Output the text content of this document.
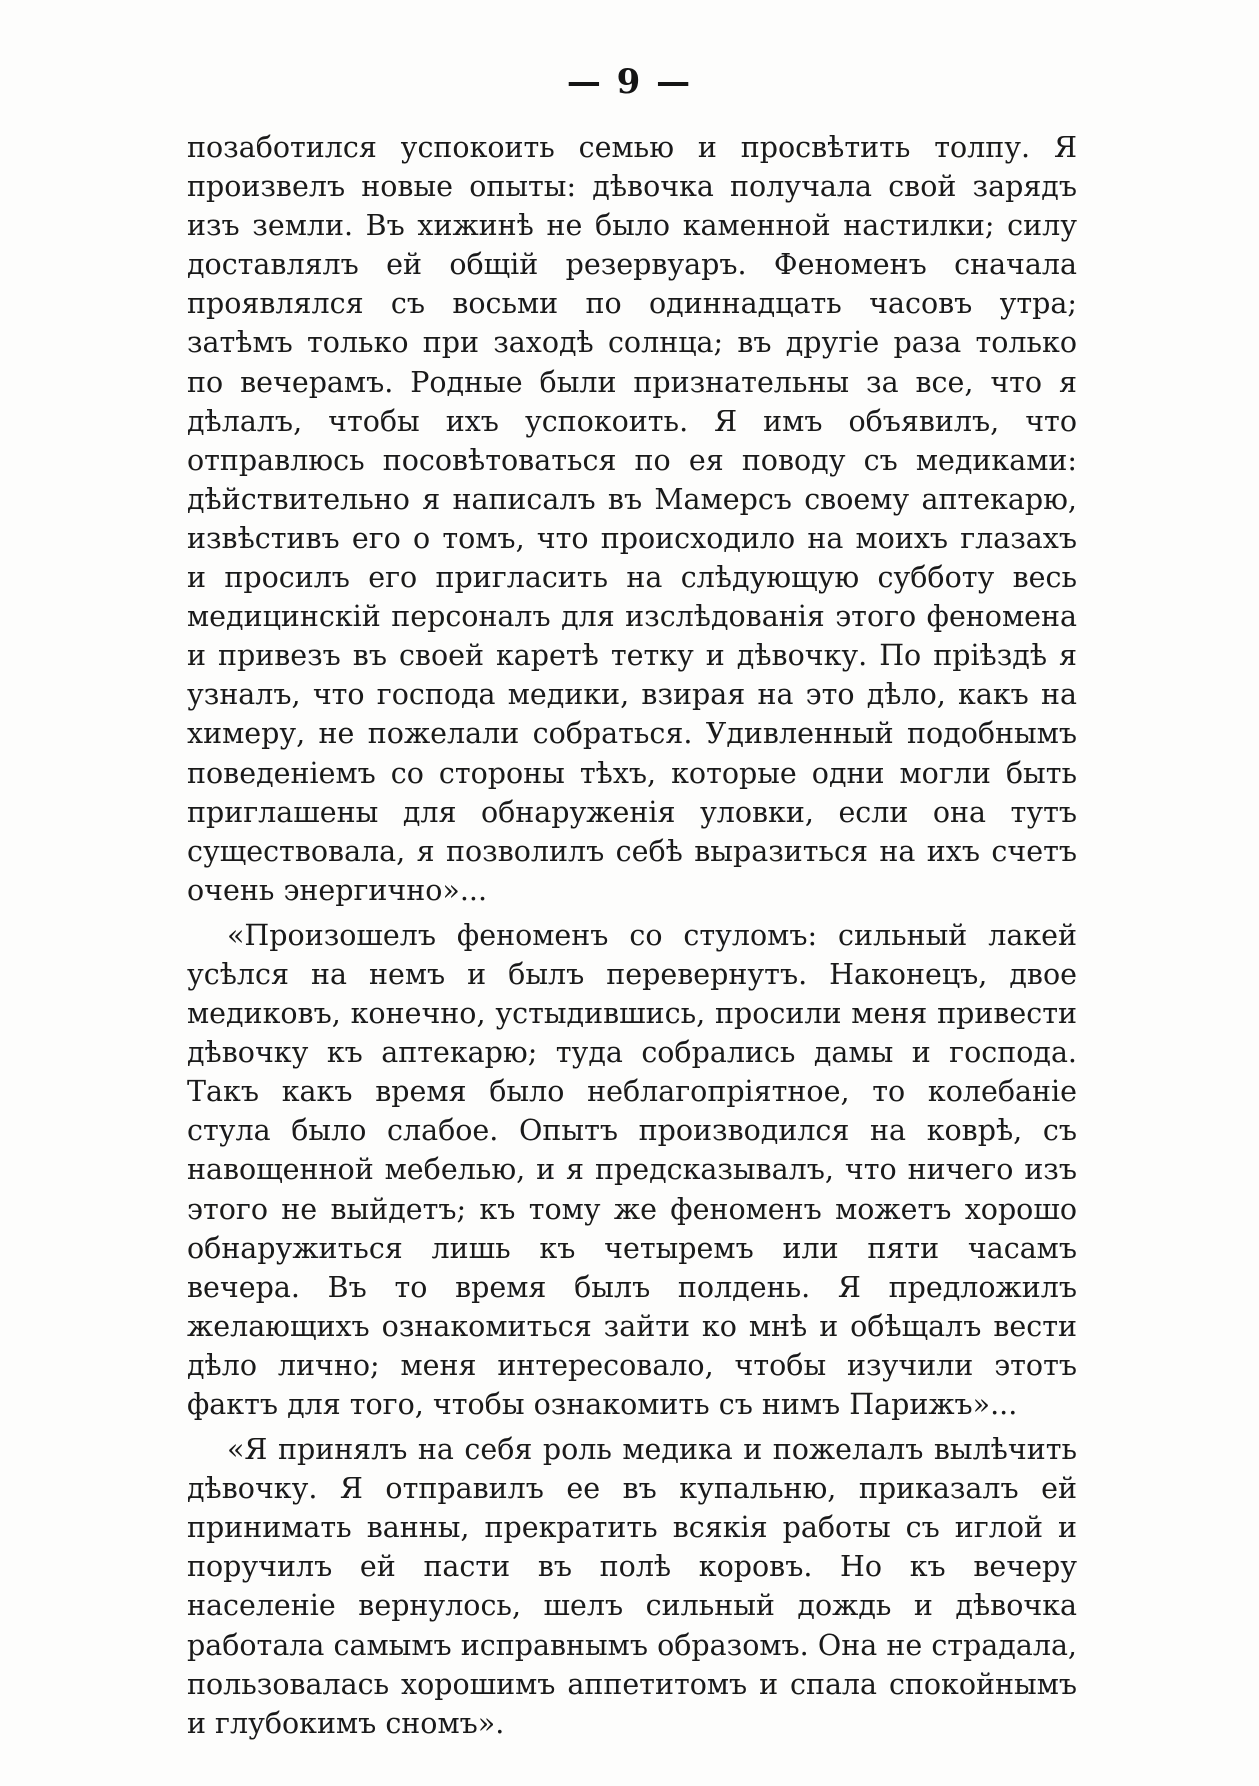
— 9 —

позаботился успокоить семью и просвѣтить толпу. Я произвелъ новые опыты: дѣвочка получала свой зарядъ изъ земли. Въ хижинѣ не было каменной настилки; силу доставлялъ ей общій резервуаръ. Феноменъ сначала проявлялся съ восьми по одиннадцать часовъ утра; затѣмъ только при заходѣ солнца; въ другіе раза только по вечерамъ. Родные были признательны за все, что я дѣлалъ, чтобы ихъ успокоить. Я имъ объявилъ, что отправлюсь посовѣтоваться по ея поводу съ медиками: дѣйствительно я написалъ въ Мамерсъ своему аптекарю, извѣстивъ его о томъ, что происходило на моихъ глазахъ и просилъ его пригласить на слѣдующую субботу весь медицинскій персоналъ для изслѣдованія этого феномена и привезъ въ своей каретѣ тетку и дѣвочку. По пріѣздѣ я узналъ, что господа медики, взирая на это дѣло, какъ на химеру, не пожелали собраться. Удивленный подобнымъ поведеніемъ со стороны тѣхъ, которые одни могли быть приглашены для обнаруженія уловки, если она тутъ существовала, я позволилъ себѣ выразиться на ихъ счетъ очень энергично»...

«Произошелъ феноменъ со стуломъ: сильный лакей усѣлся на немъ и былъ перевернутъ. Наконецъ, двое медиковъ, конечно, устыдившись, просили меня привести дѣвочку къ аптекарю; туда собрались дамы и господа. Такъ какъ время было неблагопріятное, то колебаніе стула было слабое. Опытъ производился на коврѣ, съ навощенной мебелью, и я предсказывалъ, что ничего изъ этого не выйдетъ; къ тому же феноменъ можетъ хорошо обнаружиться лишь къ четыремъ или пяти часамъ вечера. Въ то время былъ полдень. Я предложилъ желающихъ ознакомиться зайти ко мнѣ и обѣщалъ вести дѣло лично; меня интересовало, чтобы изучили этотъ фактъ для того, чтобы ознакомить съ нимъ Парижъ»...

«Я принялъ на себя роль медика и пожелалъ вылѣчить дѣвочку. Я отправилъ ее въ купальню, приказалъ ей принимать ванны, прекратить всякія работы съ иглой и поручилъ ей пасти въ полѣ коровъ. Но къ вечеру населеніе вернулось, шелъ сильный дождь и дѣвочка работала самымъ исправнымъ образомъ. Она не страдала, пользовалась хорошимъ аппетитомъ и спала спокойнымъ и глубокимъ сномъ».
